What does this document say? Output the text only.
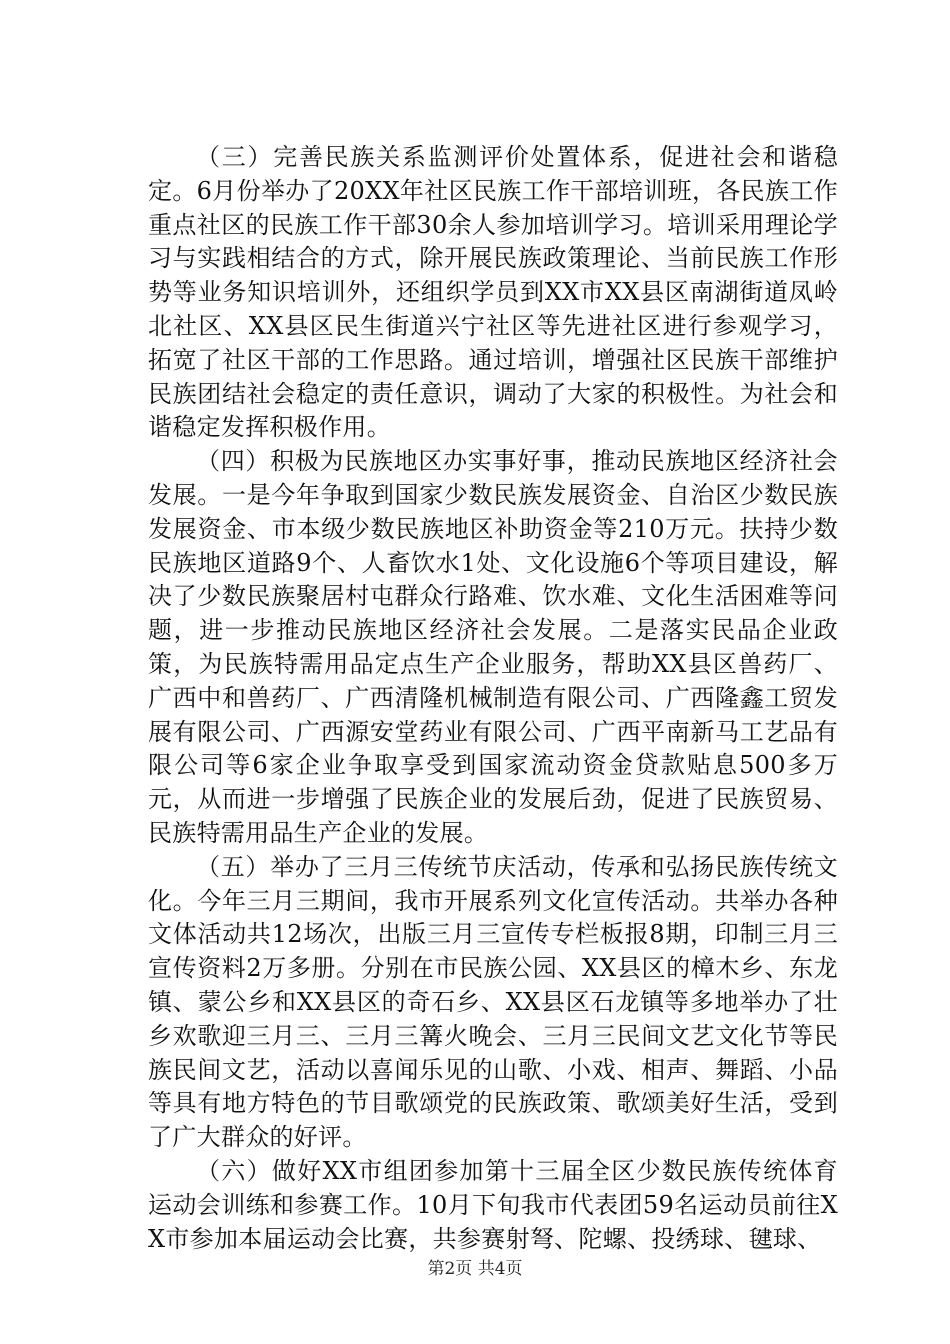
（三）完善民族关系监测评价处置体系，促进社会和谐稳定。6月份举办了20XX年社区民族工作干部培训班，各民族工作重点社区的民族工作干部30余人参加培训学习。培训采用理论学习与实践相结合的方式，除开展民族政策理论、当前民族工作形势等业务知识培训外，还组织学员到XX市XX县区南湖街道凤岭北社区、XX县区民生街道兴宁社区等先进社区进行参观学习，拓宽了社区干部的工作思路。通过培训，增强社区民族干部维护民族团结社会稳定的责任意识，调动了大家的积极性。为社会和谐稳定发挥积极作用。

（四）积极为民族地区办实事好事，推动民族地区经济社会发展。一是今年争取到国家少数民族发展资金、自治区少数民族发展资金、市本级少数民族地区补助资金等210万元。扶持少数民族地区道路9个、人畜饮水1处、文化设施6个等项目建设，解决了少数民族聚居村屯群众行路难、饮水难、文化生活困难等问题，进一步推动民族地区经济社会发展。二是落实民品企业政策，为民族特需用品定点生产企业服务，帮助XX县区兽药厂、广西中和兽药厂、广西清隆机械制造有限公司、广西隆鑫工贸发展有限公司、广西源安堂药业有限公司、广西平南新马工艺品有限公司等6家企业争取享受到国家流动资金贷款贴息500多万元，从而进一步增强了民族企业的发展后劲，促进了民族贸易、民族特需用品生产企业的发展。

（五）举办了三月三传统节庆活动，传承和弘扬民族传统文化。今年三月三期间，我市开展系列文化宣传活动。共举办各种文体活动共12场次，出版三月三宣传专栏板报8期，印制三月三宣传资料2万多册。分别在市民族公园、XX县区的樟木乡、东龙镇、蒙公乡和XX县区的奇石乡、XX县区石龙镇等多地举办了壮乡欢歌迎三月三、三月三篝火晚会、三月三民间文艺文化节等民族民间文艺，活动以喜闻乐见的山歌、小戏、相声、舞蹈、小品等具有地方特色的节目歌颂党的民族政策、歌颂美好生活，受到了广大群众的好评。

（六）做好XX市组团参加第十三届全区少数民族传统体育运动会训练和参赛工作。10月下旬我市代表团59名运动员前往XX市参加本届运动会比赛，共参赛射弩、陀螺、投绣球、毽球、

第2页 共4页
